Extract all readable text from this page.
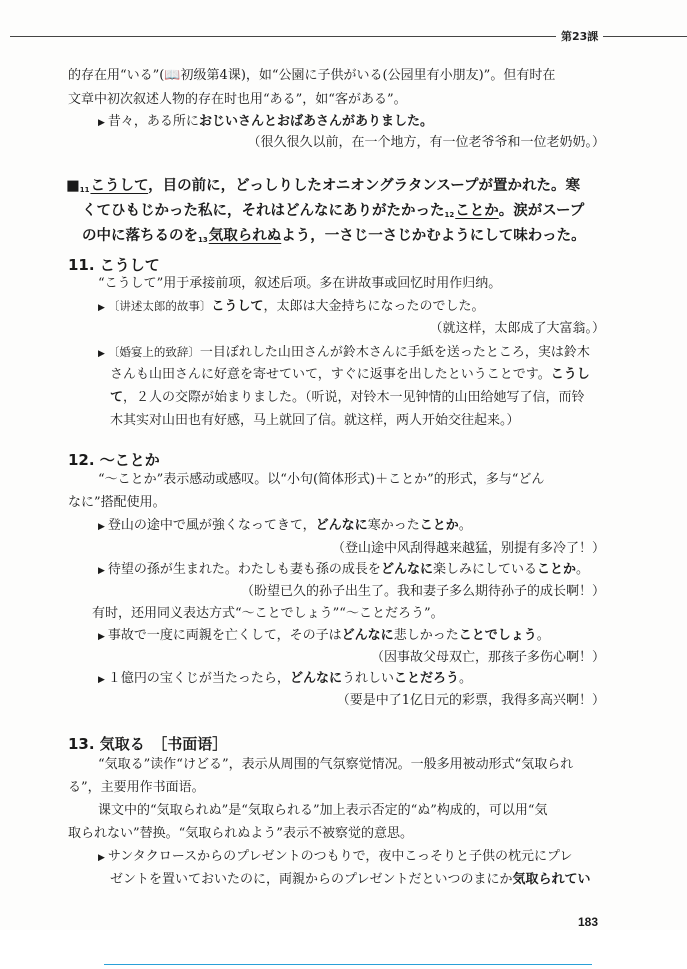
第23課
的存在用“いる”(📖初级第4课)，如“公園に子供がいる(公园里有小朋友)”。但有时在
文章中初次叙述人物的存在时也用“ある”，如“客がある”。
▶ 昔々，ある所におじいさんとおばあさんがありました。
（很久很久以前，在一个地方，有一位老爷爷和一位老奶奶。）
$■_{11}$こうして，目の前に，どっしりしたオニオングラタンスープが置かれた。寒
くてひもじかった私に，それはどんなにありがたかった$_{12}$ことか。涙がスープ
の中に落ちるのを$_{13}$気取られぬよう，一さじ一さじかむようにして味わった。
11. こうして
“こうして”用于承接前项，叙述后项。多在讲故事或回忆时用作归纳。
▶ 〔讲述太郎的故事〕こうして，太郎は大金持ちになったのでした。
（就这样，太郎成了大富翁。）
▶ 〔婚宴上的致辞〕一目ぼれした山田さんが鈴木さんに手紙を送ったところ，実は鈴木
さんも山田さんに好意を寄せていて，すぐに返事を出したということです。こうし
て，２人の交際が始まりました。（听说，对铃木一见钟情的山田给她写了信，而铃
木其实对山田也有好感，马上就回了信。就这样，两人开始交往起来。）
12. ～ことか
“～ことか”表示感动或感叹。以“小句(简体形式)＋ことか”的形式，多与“どん
なに”搭配使用。
▶ 登山の途中で風が強くなってきて，どんなに寒かったことか。
（登山途中风刮得越来越猛，别提有多冷了！）
▶ 待望の孫が生まれた。わたしも妻も孫の成長をどんなに楽しみにしていることか。
（盼望已久的孙子出生了。我和妻子多么期待孙子的成长啊！）
有时，还用同义表达方式“～ことでしょう”“～ことだろう”。
▶ 事故で一度に両親を亡くして，その子はどんなに悲しかったことでしょう。
（因事故父母双亡，那孩子多伤心啊！）
▶ １億円の宝くじが当たったら，どんなにうれしいことだろう。
（要是中了1亿日元的彩票，我得多高兴啊！）
13. 気取る　［书面语］
“気取る”读作“けどる”，表示从周围的气氛察觉情况。一般多用被动形式“気取られ
る”，主要用作书面语。
课文中的“気取られぬ”是“気取られる”加上表示否定的“ぬ”构成的，可以用“気
取られない”替换。“気取られぬよう”表示不被察觉的意思。
▶ サンタクロースからのプレゼントのつもりで，夜中こっそりと子供の枕元にプレ
ゼントを置いておいたのに，両親からのプレゼントだといつのまにか気取られてい
183
